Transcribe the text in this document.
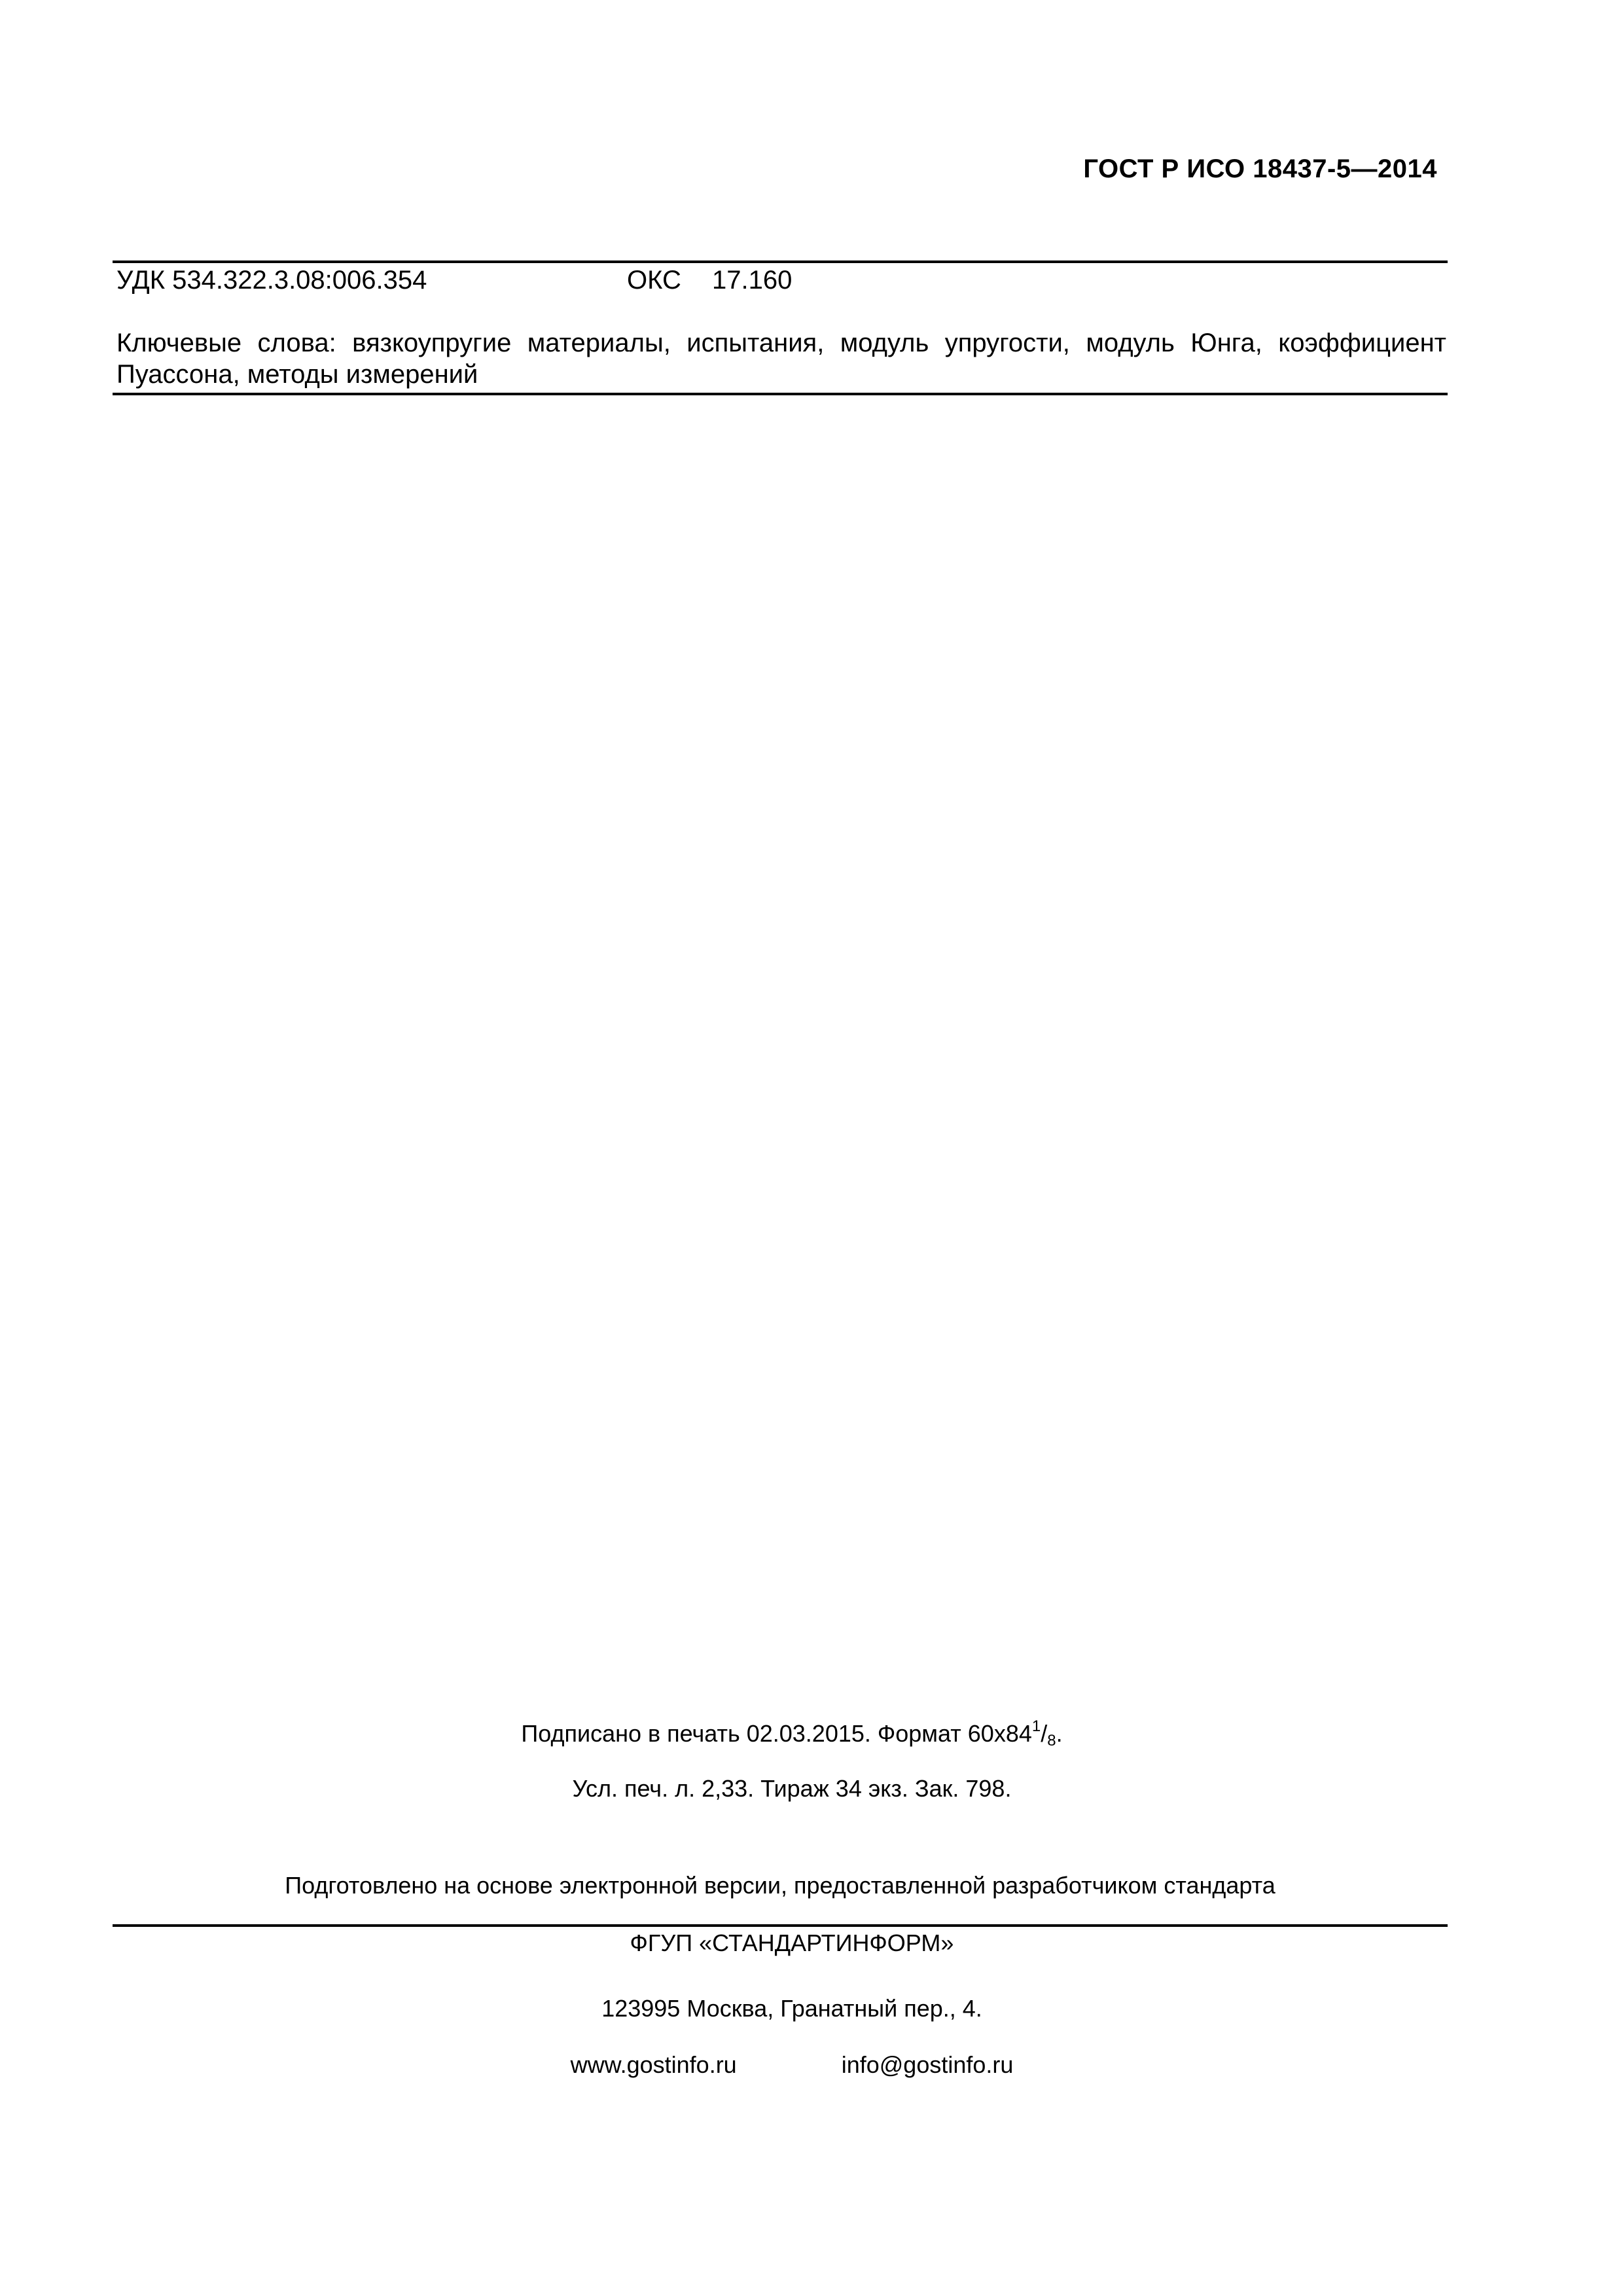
ГОСТ Р ИСО 18437-5—2014
УДК 534.322.3.08:006.354	ОКС 17.160
Ключевые слова: вязкоупругие материалы, испытания, модуль упругости, модуль Юнга, коэффициент Пуассона, методы измерений
Подписано в печать 02.03.2015. Формат $60x84^1/_8$.
Усл. печ. л. 2,33. Тираж 34 экз. Зак. 798.
Подготовлено на основе электронной версии, предоставленной разработчиком стандарта
ФГУП «СТАНДАРТИНФОРМ»
123995 Москва, Гранатный пер., 4.
www.gostinfo.ru	info@gostinfo.ru
